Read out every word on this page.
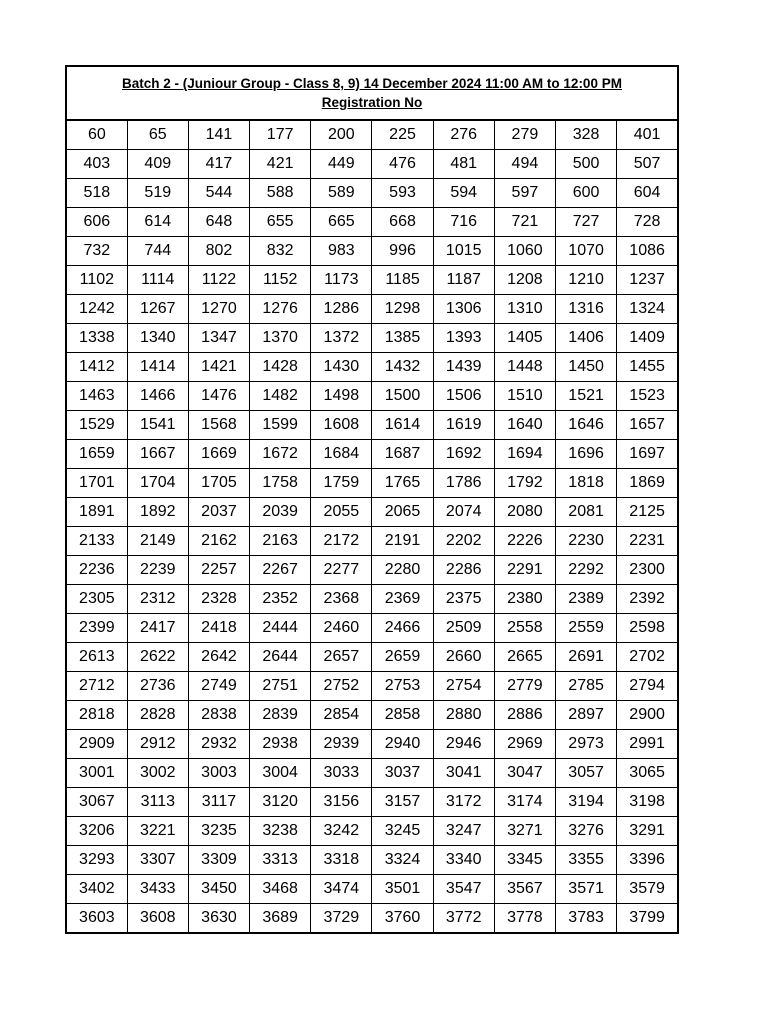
Batch 2 - (Juniour Group - Class 8, 9) 14 December 2024 11:00 AM to 12:00 PM
Registration No									
60	65	141	177	200	225	276	279	328	401
403	409	417	421	449	476	481	494	500	507
518	519	544	588	589	593	594	597	600	604
606	614	648	655	665	668	716	721	727	728
732	744	802	832	983	996	1015	1060	1070	1086
1102	1114	1122	1152	1173	1185	1187	1208	1210	1237
1242	1267	1270	1276	1286	1298	1306	1310	1316	1324
1338	1340	1347	1370	1372	1385	1393	1405	1406	1409
1412	1414	1421	1428	1430	1432	1439	1448	1450	1455
1463	1466	1476	1482	1498	1500	1506	1510	1521	1523
1529	1541	1568	1599	1608	1614	1619	1640	1646	1657
1659	1667	1669	1672	1684	1687	1692	1694	1696	1697
1701	1704	1705	1758	1759	1765	1786	1792	1818	1869
1891	1892	2037	2039	2055	2065	2074	2080	2081	2125
2133	2149	2162	2163	2172	2191	2202	2226	2230	2231
2236	2239	2257	2267	2277	2280	2286	2291	2292	2300
2305	2312	2328	2352	2368	2369	2375	2380	2389	2392
2399	2417	2418	2444	2460	2466	2509	2558	2559	2598
2613	2622	2642	2644	2657	2659	2660	2665	2691	2702
2712	2736	2749	2751	2752	2753	2754	2779	2785	2794
2818	2828	2838	2839	2854	2858	2880	2886	2897	2900
2909	2912	2932	2938	2939	2940	2946	2969	2973	2991
3001	3002	3003	3004	3033	3037	3041	3047	3057	3065
3067	3113	3117	3120	3156	3157	3172	3174	3194	3198
3206	3221	3235	3238	3242	3245	3247	3271	3276	3291
3293	3307	3309	3313	3318	3324	3340	3345	3355	3396
3402	3433	3450	3468	3474	3501	3547	3567	3571	3579
3603	3608	3630	3689	3729	3760	3772	3778	3783	3799
